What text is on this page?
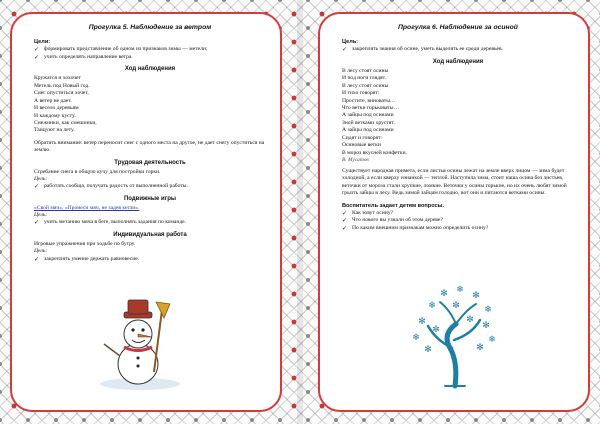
Прогулка 5. Наблюдение за ветром

Цели:

✓ формировать представление об одном из признаков зимы — метели;

✓ учить определять направление ветра.

Ход наблюдения

Кружатся и хохочет

Метель под Новый год.

Снег опуститься хочет,

А ветер не дает.

И весело деревьям

И каждому кусту.

Снежинки, как смешинки,

Танцуют на лету.

Обратить внимание: ветер переносит снег с одного места на другое, не дает снегу опуститься на землю.

Трудовая деятельность

Сгребание снега в общую кучу для постройки горки.

Цель:

✓ работать сообща, получать радость от выполненной работы.

Подвижные игры

«Свой мяч», «Пронеси мяч, не задев кегли».

Цель:

✓ учить метанию мяча в беге, выполнять задания по команде.

Индивидуальная работа

Игровые упражнения при ходьбе по бугру.

Цель:

✓ закреплять умение держать равновесие.

Прогулка 6. Наблюдение за осиной

Цель:

✓ закреплять знания об осине, уметь выделять ее среди деревьев.

Ход наблюдения

В лесу стоят осины

И под ноги глядят.

В лесу стоят осины

И тихо говорят:

Простите, виноваты…

Что ветки горьковаты…

А зайцы под осинами

Зной ветками хрустят.

А зайцы под осинами

Сидят и говорят:

Осиновые ветки

В мороз вкусней конфетки.

В. Мусатов

Существует народная примета, если листья осины лежат на земле вверх лицом — зима будет холодной, а если кверху изнанкой — теплой. Наступила зима, стоит наша осина без листьев, веточки от мороза стали хрупкие, ломкие. Веточки у осины горькие, но их очень любят зимой грызть зайцы в лесу. Ведь зимой зайцам голодно, вот они и питаются ветками осины.

Воспитатель задает детям вопросы.

✓ Как зовут осину?

✓ Что нового вы узнали об этом дереве?

✓ По каким внешним признакам можно определить осину?

✻
❄
✻ ❄
✻
❄
✻
❄
✼
✼
❄
✼
✻	✻
